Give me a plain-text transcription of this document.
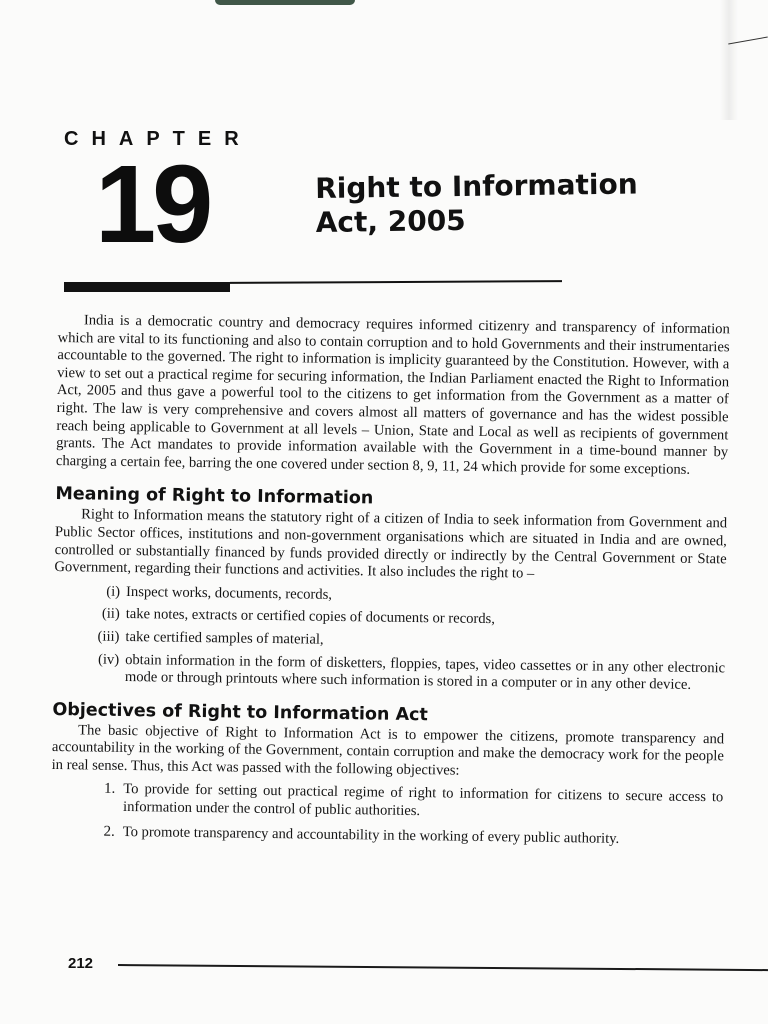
CHAPTER
19	Right to Information
Act, 2005

India is a democratic country and democracy requires informed citizenry and transparency of information which are vital to its functioning and also to contain corruption and to hold Governments and their instrumentaries accountable to the governed. The right to information is implicity guaranteed by the Constitution. However, with a view to set out a practical regime for securing information, the Indian Parliament enacted the Right to Information Act, 2005 and thus gave a powerful tool to the citizens to get information from the Government as a matter of right. The law is very comprehensive and covers almost all matters of governance and has the widest possible reach being applicable to Government at all levels – Union, State and Local as well as recipients of government grants. The Act mandates to provide information available with the Government in a time-bound manner by charging a certain fee, barring the one covered under section 8, 9, 11, 24 which provide for some exceptions.

Meaning of Right to Information

Right to Information means the statutory right of a citizen of India to seek information from Government and Public Sector offices, institutions and non-government organisations which are situated in India and are owned, controlled or substantially financed by funds provided directly or indirectly by the Central Government or State Government, regarding their functions and activities. It also includes the right to –

(i) Inspect works, documents, records,
(ii) take notes, extracts or certified copies of documents or records,
(iii) take certified samples of material,
(iv) obtain information in the form of disketters, floppies, tapes, video cassettes or in any other electronic mode or through printouts where such information is stored in a computer or in any other device.
Objectives of Right to Information Act

The basic objective of Right to Information Act is to empower the citizens, promote transparency and accountability in the working of the Government, contain corruption and make the democracy work for the people in real sense. Thus, this Act was passed with the following objectives:

1. To provide for setting out practical regime of right to information for citizens to secure access to information under the control of public authorities.
2. To promote transparency and accountability in the working of every public authority.
212
